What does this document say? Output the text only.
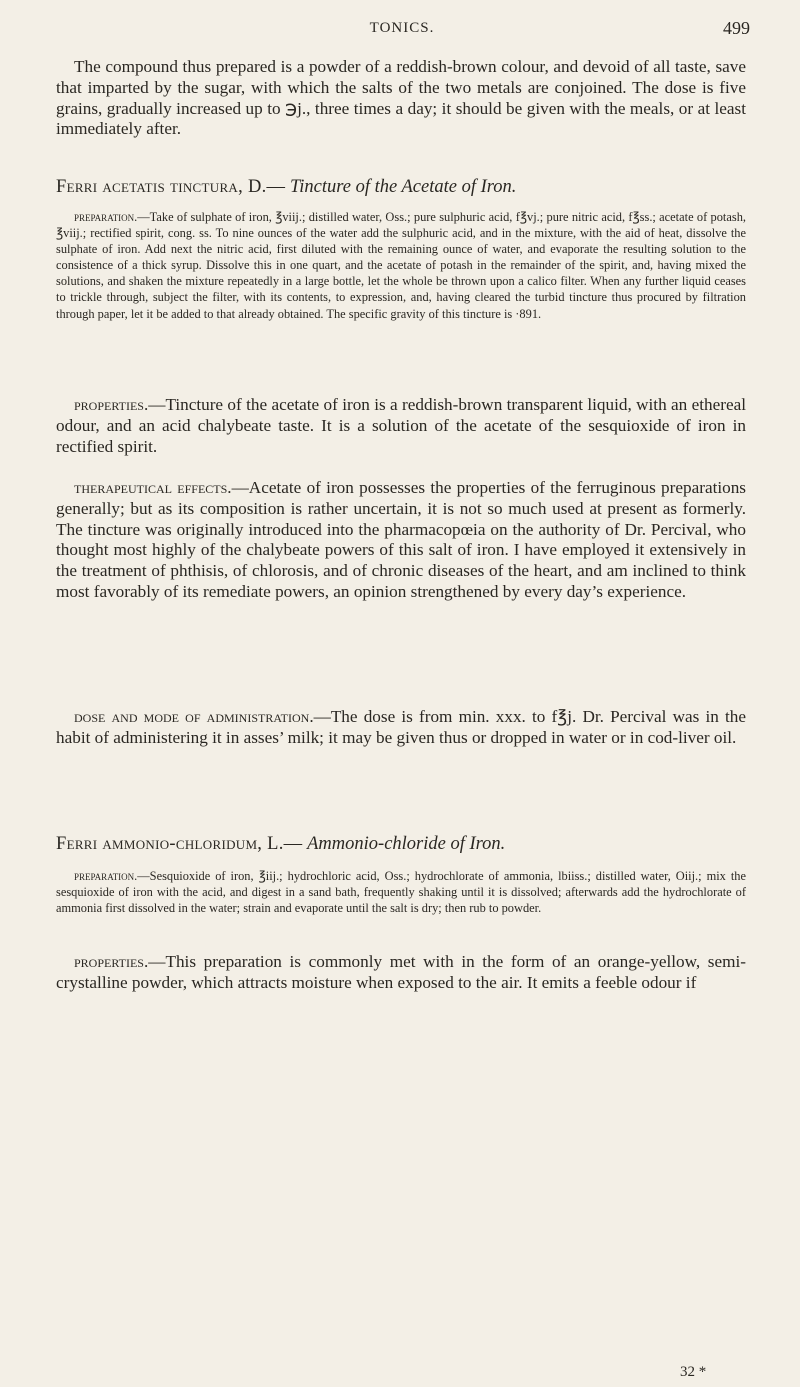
TONICS.	499

The compound thus prepared is a powder of a reddish-brown colour, and devoid of all taste, save that imparted by the sugar, with which the salts of the two metals are conjoined. The dose is five grains, gradually increased up to ℈j., three times a day; it should be given with the meals, or at least immediately after.

Ferri acetatis tinctura, D.— Tincture of the Acetate of Iron.

preparation.—Take of sulphate of iron, ℥viij.; distilled water, Oss.; pure sulphuric acid, f℥vj.; pure nitric acid, f℥ss.; acetate of potash, ℥viij.; rectified spirit, cong. ss. To nine ounces of the water add the sulphuric acid, and in the mixture, with the aid of heat, dissolve the sulphate of iron. Add next the nitric acid, first diluted with the remaining ounce of water, and evaporate the resulting solution to the consistence of a thick syrup. Dissolve this in one quart, and the acetate of potash in the remainder of the spirit, and, having mixed the solutions, and shaken the mixture repeatedly in a large bottle, let the whole be thrown upon a calico filter. When any further liquid ceases to trickle through, subject the filter, with its contents, to expression, and, having cleared the turbid tincture thus procured by filtration through paper, let it be added to that already obtained. The specific gravity of this tincture is ·891.

properties.—Tincture of the acetate of iron is a reddish-brown transparent liquid, with an ethereal odour, and an acid chalybeate taste. It is a solution of the acetate of the sesquioxide of iron in rectified spirit.

therapeutical effects.—Acetate of iron possesses the properties of the ferruginous preparations generally; but as its composition is rather uncertain, it is not so much used at present as formerly. The tincture was originally introduced into the pharmacopœia on the authority of Dr. Percival, who thought most highly of the chalybeate powers of this salt of iron. I have employed it extensively in the treatment of phthisis, of chlorosis, and of chronic diseases of the heart, and am inclined to think most favorably of its remediate powers, an opinion strengthened by every day’s experience.

dose and mode of administration.—The dose is from min. xxx. to f℥j. Dr. Percival was in the habit of administering it in asses’ milk; it may be given thus or dropped in water or in cod-liver oil.

Ferri ammonio-chloridum, L.— Ammonio-chloride of Iron.

preparation.—Sesquioxide of iron, ℥iij.; hydrochloric acid, Oss.; hydrochlorate of ammonia, lbiiss.; distilled water, Oiij.; mix the sesquioxide of iron with the acid, and digest in a sand bath, frequently shaking until it is dissolved; afterwards add the hydrochlorate of ammonia first dissolved in the water; strain and evaporate until the salt is dry; then rub to powder.

properties.—This preparation is commonly met with in the form of an orange-yellow, semi-crystalline powder, which attracts moisture when exposed to the air. It emits a feeble odour if

32 *
